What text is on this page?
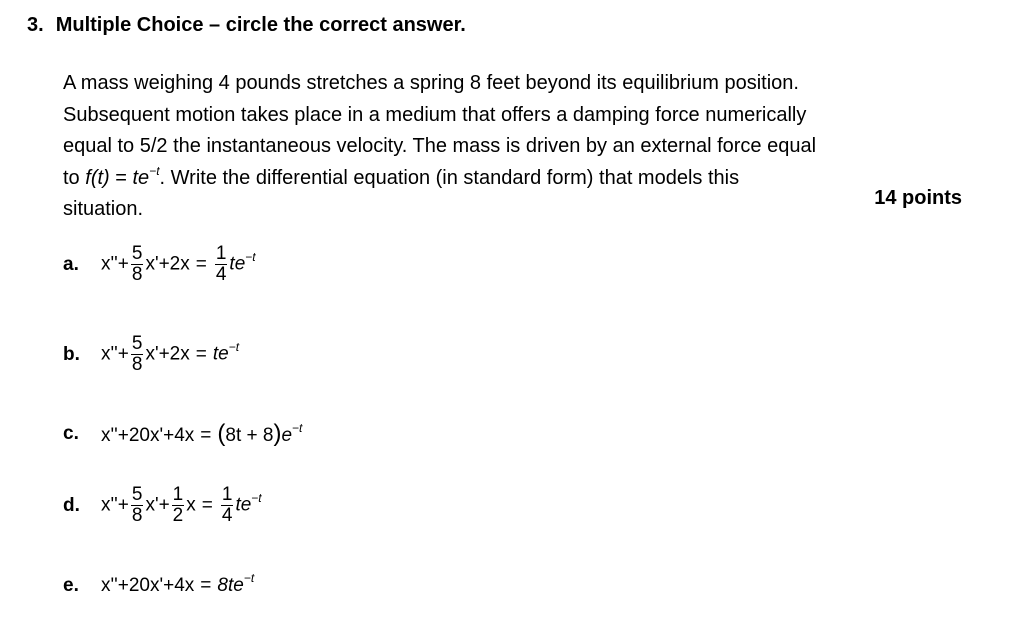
3. Multiple Choice – circle the correct answer.
A mass weighing 4 pounds stretches a spring 8 feet beyond its equilibrium position.
Subsequent motion takes place in a medium that offers a damping force numerically
equal to 5/2 the instantaneous velocity. The mass is driven by an external force equal
to $f(t) = te^{-t}$. Write the differential equation (in standard form) that models this
situation.	14 points
a.	$x''+ \frac{5}{8} x'+2x = \frac{1}{4} te^{-t}$
b.	$x''+ \frac{5}{8} x'+2x = te^{-t}$
c.	$x''+20x'+4x = (8t + 8)e^{-t}$
d.	$x''+ \frac{5}{8} x'+ \frac{1}{2}$ $x = \frac{1}{4} te^{-t}$
e.	$x''+20x'+4x = 8te^{-t}$
